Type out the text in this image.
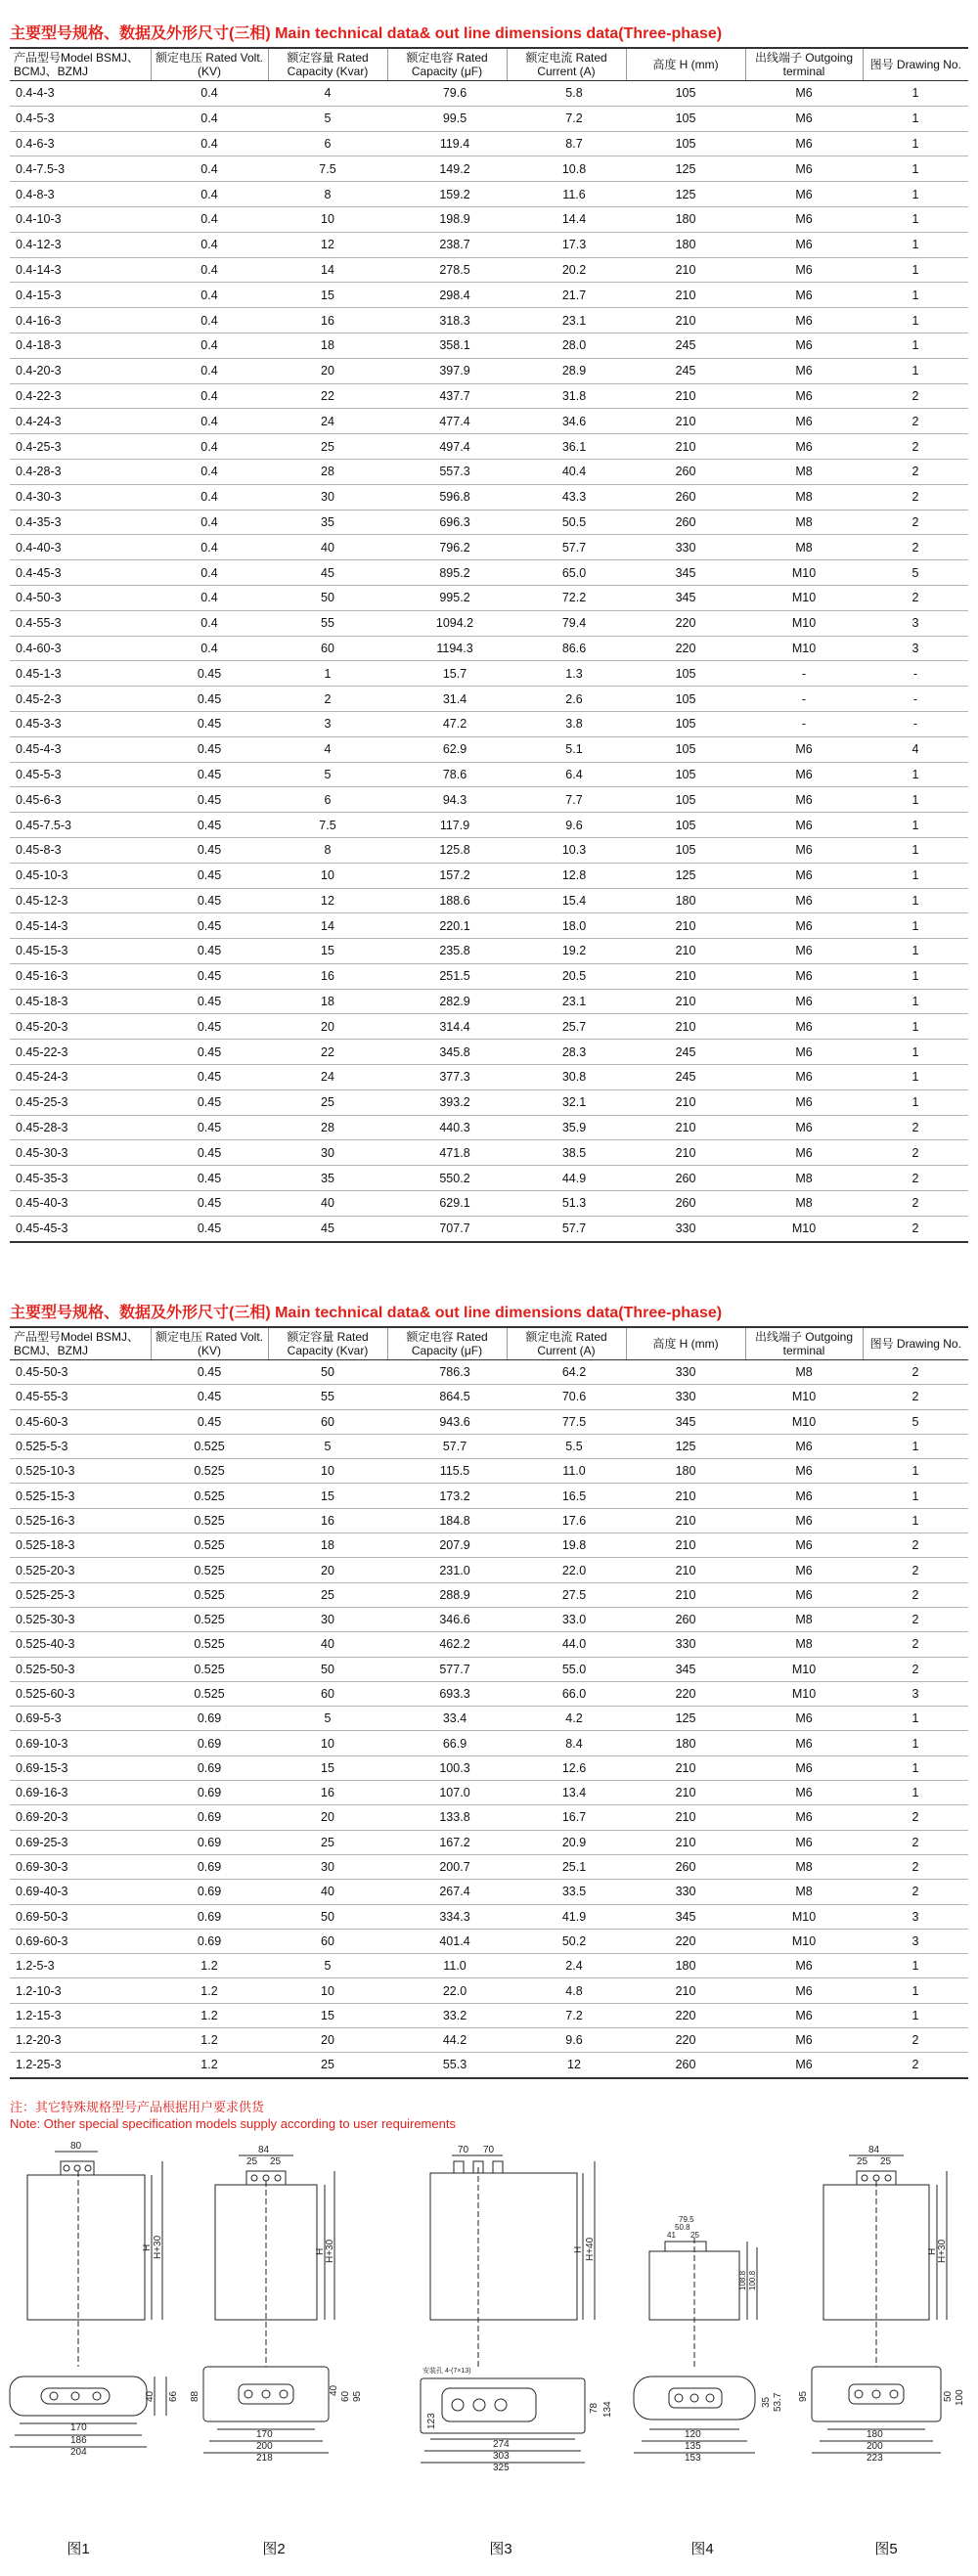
主要型号规格、数据及外形尺寸(三相) Main technical data& out line dimensions data(Three-phase)
产品型号Model BSMJ、BCMJ、BZMJ	额定电压 Rated Volt. (KV)	额定容量 Rated Capacity (Kvar)	额定电容 Rated Capacity (μF)	额定电流 Rated Current (A)	高度 H (mm)	出线端子 Outgoing terminal	图号 Drawing No.
0.4-4-3	0.4	4	79.6	5.8	105	M6	1
0.4-5-3	0.4	5	99.5	7.2	105	M6	1
0.4-6-3	0.4	6	119.4	8.7	105	M6	1
0.4-7.5-3	0.4	7.5	149.2	10.8	125	M6	1
0.4-8-3	0.4	8	159.2	11.6	125	M6	1
0.4-10-3	0.4	10	198.9	14.4	180	M6	1
0.4-12-3	0.4	12	238.7	17.3	180	M6	1
0.4-14-3	0.4	14	278.5	20.2	210	M6	1
0.4-15-3	0.4	15	298.4	21.7	210	M6	1
0.4-16-3	0.4	16	318.3	23.1	210	M6	1
0.4-18-3	0.4	18	358.1	28.0	245	M6	1
0.4-20-3	0.4	20	397.9	28.9	245	M6	1
0.4-22-3	0.4	22	437.7	31.8	210	M6	2
0.4-24-3	0.4	24	477.4	34.6	210	M6	2
0.4-25-3	0.4	25	497.4	36.1	210	M6	2
0.4-28-3	0.4	28	557.3	40.4	260	M8	2
0.4-30-3	0.4	30	596.8	43.3	260	M8	2
0.4-35-3	0.4	35	696.3	50.5	260	M8	2
0.4-40-3	0.4	40	796.2	57.7	330	M8	2
0.4-45-3	0.4	45	895.2	65.0	345	M10	5
0.4-50-3	0.4	50	995.2	72.2	345	M10	2
0.4-55-3	0.4	55	1094.2	79.4	220	M10	3
0.4-60-3	0.4	60	1194.3	86.6	220	M10	3
0.45-1-3	0.45	1	15.7	1.3	105	-	-
0.45-2-3	0.45	2	31.4	2.6	105	-	-
0.45-3-3	0.45	3	47.2	3.8	105	-	-
0.45-4-3	0.45	4	62.9	5.1	105	M6	4
0.45-5-3	0.45	5	78.6	6.4	105	M6	1
0.45-6-3	0.45	6	94.3	7.7	105	M6	1
0.45-7.5-3	0.45	7.5	117.9	9.6	105	M6	1
0.45-8-3	0.45	8	125.8	10.3	105	M6	1
0.45-10-3	0.45	10	157.2	12.8	125	M6	1
0.45-12-3	0.45	12	188.6	15.4	180	M6	1
0.45-14-3	0.45	14	220.1	18.0	210	M6	1
0.45-15-3	0.45	15	235.8	19.2	210	M6	1
0.45-16-3	0.45	16	251.5	20.5	210	M6	1
0.45-18-3	0.45	18	282.9	23.1	210	M6	1
0.45-20-3	0.45	20	314.4	25.7	210	M6	1
0.45-22-3	0.45	22	345.8	28.3	245	M6	1
0.45-24-3	0.45	24	377.3	30.8	245	M6	1
0.45-25-3	0.45	25	393.2	32.1	210	M6	1
0.45-28-3	0.45	28	440.3	35.9	210	M6	2
0.45-30-3	0.45	30	471.8	38.5	210	M6	2
0.45-35-3	0.45	35	550.2	44.9	260	M8	2
0.45-40-3	0.45	40	629.1	51.3	260	M8	2
0.45-45-3	0.45	45	707.7	57.7	330	M10	2
主要型号规格、数据及外形尺寸(三相) Main technical data& out line dimensions data(Three-phase)
产品型号Model BSMJ、BCMJ、BZMJ	额定电压 Rated Volt. (KV)	额定容量 Rated Capacity (Kvar)	额定电容 Rated Capacity (μF)	额定电流 Rated Current (A)	高度 H (mm)	出线端子 Outgoing terminal	图号 Drawing No.
0.45-50-3	0.45	50	786.3	64.2	330	M8	2
0.45-55-3	0.45	55	864.5	70.6	330	M10	2
0.45-60-3	0.45	60	943.6	77.5	345	M10	5
0.525-5-3	0.525	5	57.7	5.5	125	M6	1
0.525-10-3	0.525	10	115.5	11.0	180	M6	1
0.525-15-3	0.525	15	173.2	16.5	210	M6	1
0.525-16-3	0.525	16	184.8	17.6	210	M6	1
0.525-18-3	0.525	18	207.9	19.8	210	M6	2
0.525-20-3	0.525	20	231.0	22.0	210	M6	2
0.525-25-3	0.525	25	288.9	27.5	210	M6	2
0.525-30-3	0.525	30	346.6	33.0	260	M8	2
0.525-40-3	0.525	40	462.2	44.0	330	M8	2
0.525-50-3	0.525	50	577.7	55.0	345	M10	2
0.525-60-3	0.525	60	693.3	66.0	220	M10	3
0.69-5-3	0.69	5	33.4	4.2	125	M6	1
0.69-10-3	0.69	10	66.9	8.4	180	M6	1
0.69-15-3	0.69	15	100.3	12.6	210	M6	1
0.69-16-3	0.69	16	107.0	13.4	210	M6	1
0.69-20-3	0.69	20	133.8	16.7	210	M6	2
0.69-25-3	0.69	25	167.2	20.9	210	M6	2
0.69-30-3	0.69	30	200.7	25.1	260	M8	2
0.69-40-3	0.69	40	267.4	33.5	330	M8	2
0.69-50-3	0.69	50	334.3	41.9	345	M10	3
0.69-60-3	0.69	60	401.4	50.2	220	M10	3
1.2-5-3	1.2	5	11.0	2.4	180	M6	1
1.2-10-3	1.2	10	22.0	4.8	210	M6	1
1.2-15-3	1.2	15	33.2	7.2	220	M6	1
1.2-20-3	1.2	20	44.2	9.6	220	M6	2
1.2-25-3	1.2	25	55.3	12	260	M6	2
注：其它特殊规格型号产品根据用户要求供货
Note: Other special specification models supply according to user requirements
80
H H+30
170
186
204
40 66
84
25 25
H H+30
88
40
60 95
170
200
218
70 70
H H+40
安装孔 4-(7×13)
123
78 134
274
303
325
79.5
50.8
41 25
108.8 100.8
35 53.7
120
135
153
84
25 25
H H+30
95	50 100
180
200
223
图1	图2	图3	图4	图5
